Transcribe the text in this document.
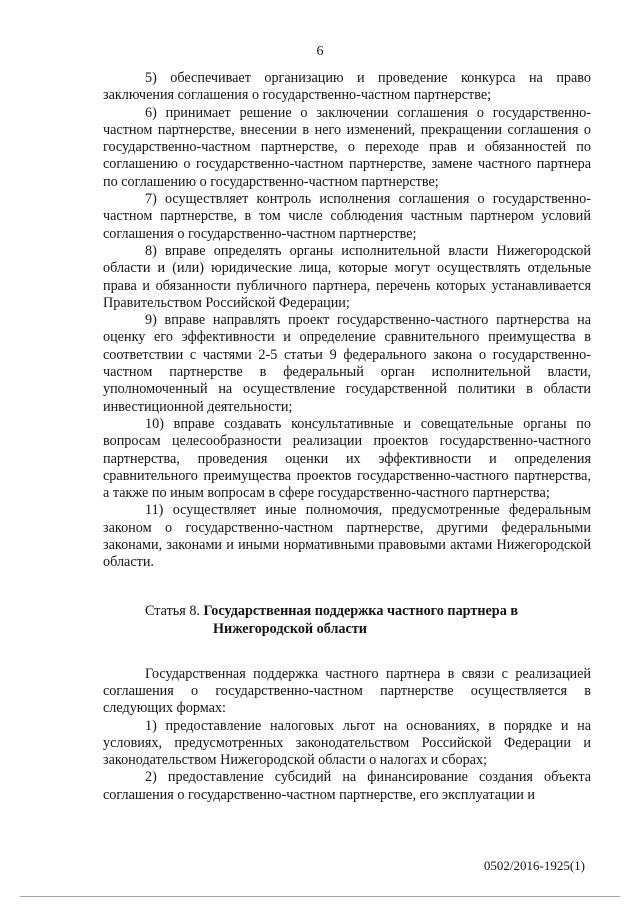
6

5) обеспечивает организацию и проведение конкурса на право заключения соглашения о государственно-частном партнерстве;

6) принимает решение о заключении соглашения о государственно-частном партнерстве, внесении в него изменений, прекращении соглашения о государственно-частном партнерстве, о переходе прав и обязанностей по соглашению о государственно-частном партнерстве, замене частного партнера по соглашению о государственно-частном партнерстве;

7) осуществляет контроль исполнения соглашения о государственно-частном партнерстве, в том числе соблюдения частным партнером условий соглашения о государственно-частном партнерстве;

8) вправе определять органы исполнительной власти Нижегородской области и (или) юридические лица, которые могут осуществлять отдельные права и обязанности публичного партнера, перечень которых устанавливается Правительством Российской Федерации;

9) вправе направлять проект государственно-частного партнерства на оценку его эффективности и определение сравнительного преимущества в соответствии с частями 2-5 статьи 9 федерального закона о государственно-частном партнерстве в федеральный орган исполнительной власти, уполномоченный на осуществление государственной политики в области инвестиционной деятельности;

10) вправе создавать консультативные и совещательные органы по вопросам целесообразности реализации проектов государственно-частного партнерства, проведения оценки их эффективности и определения сравнительного преимущества проектов государственно-частного партнерства, а также по иным вопросам в сфере государственно-частного партнерства;

11) осуществляет иные полномочия, предусмотренные федеральным законом о государственно-частном партнерстве, другими федеральными законами, законами и иными нормативными правовыми актами Нижегородской области.

Статья 8. Государственная поддержка частного партнера в
Нижегородской области

Государственная поддержка частного партнера в связи с реализацией соглашения о государственно-частном партнерстве осуществляется в следующих формах:

1) предоставление налоговых льгот на основаниях, в порядке и на условиях, предусмотренных законодательством Российской Федерации и законодательством Нижегородской области о налогах и сборах;

2) предоставление субсидий на финансирование создания объекта соглашения о государственно-частном партнерстве, его эксплуатации и

0502/2016-1925(1)
